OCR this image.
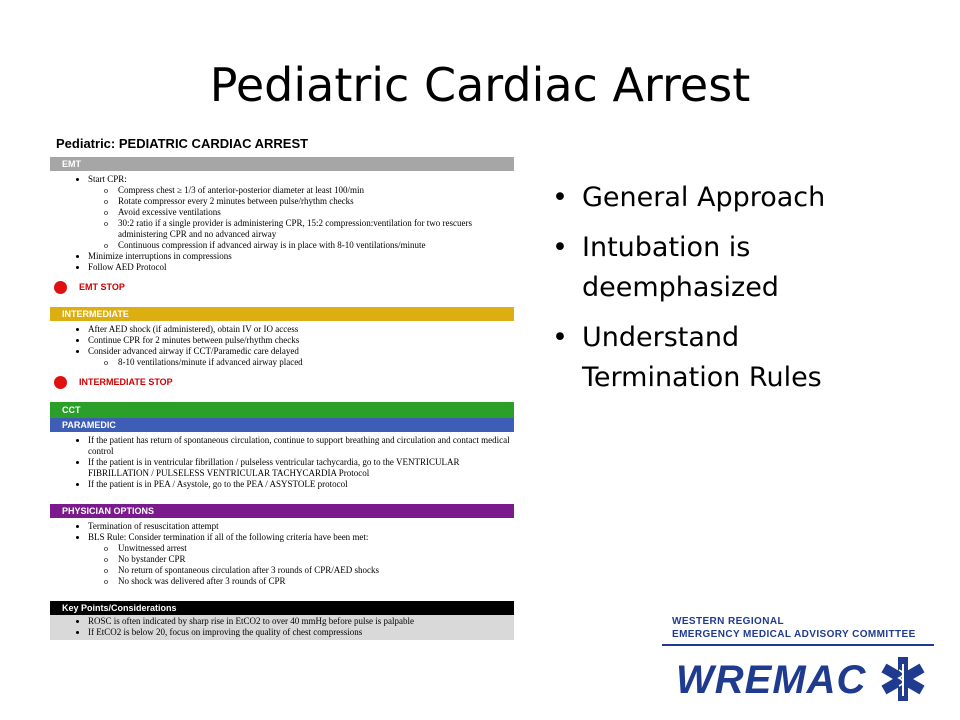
Pediatric Cardiac Arrest
Pediatric: PEDIATRIC CARDIAC ARREST
EMT
• Start CPR:
o Compress chest ≥ 1/3 of anterior-posterior diameter at least 100/min
o Rotate compressor every 2 minutes between pulse/rhythm checks
o Avoid excessive ventilations
o 30:2 ratio if a single provider is administering CPR, 15:2 compression:ventilation for two rescuers administering CPR and no advanced airway
o Continuous compression if advanced airway is in place with 8-10 ventilations/minute
• Minimize interruptions in compressions
• Follow AED Protocol
EMT STOP
INTERMEDIATE
• After AED shock (if administered), obtain IV or IO access
• Continue CPR for 2 minutes between pulse/rhythm checks
• Consider advanced airway if CCT/Paramedic care delayed
o 8-10 ventilations/minute if advanced airway placed
INTERMEDIATE STOP
CCT
PARAMEDIC
• If the patient has return of spontaneous circulation, continue to support breathing and circulation and contact medical control
• If the patient is in ventricular fibrillation / pulseless ventricular tachycardia, go to the VENTRICULAR FIBRILLATION / PULSELESS VENTRICULAR TACHYCARDIA Protocol
• If the patient is in PEA / Asystole, go to the PEA / ASYSTOLE protocol
PHYSICIAN OPTIONS
• Termination of resuscitation attempt
• BLS Rule: Consider termination if all of the following criteria have been met:
o Unwitnessed arrest
o No bystander CPR
o No return of spontaneous circulation after 3 rounds of CPR/AED shocks
o No shock was delivered after 3 rounds of CPR
Key Points/Considerations
• ROSC is often indicated by sharp rise in EtCO2 to over 40 mmHg before pulse is palpable
• If EtCO2 is below 20, focus on improving the quality of chest compressions
• General Approach
• Intubation is deemphasized
• Understand Termination Rules
WESTERN REGIONAL
EMERGENCY MEDICAL ADVISORY COMMITTEE
WREMAC
